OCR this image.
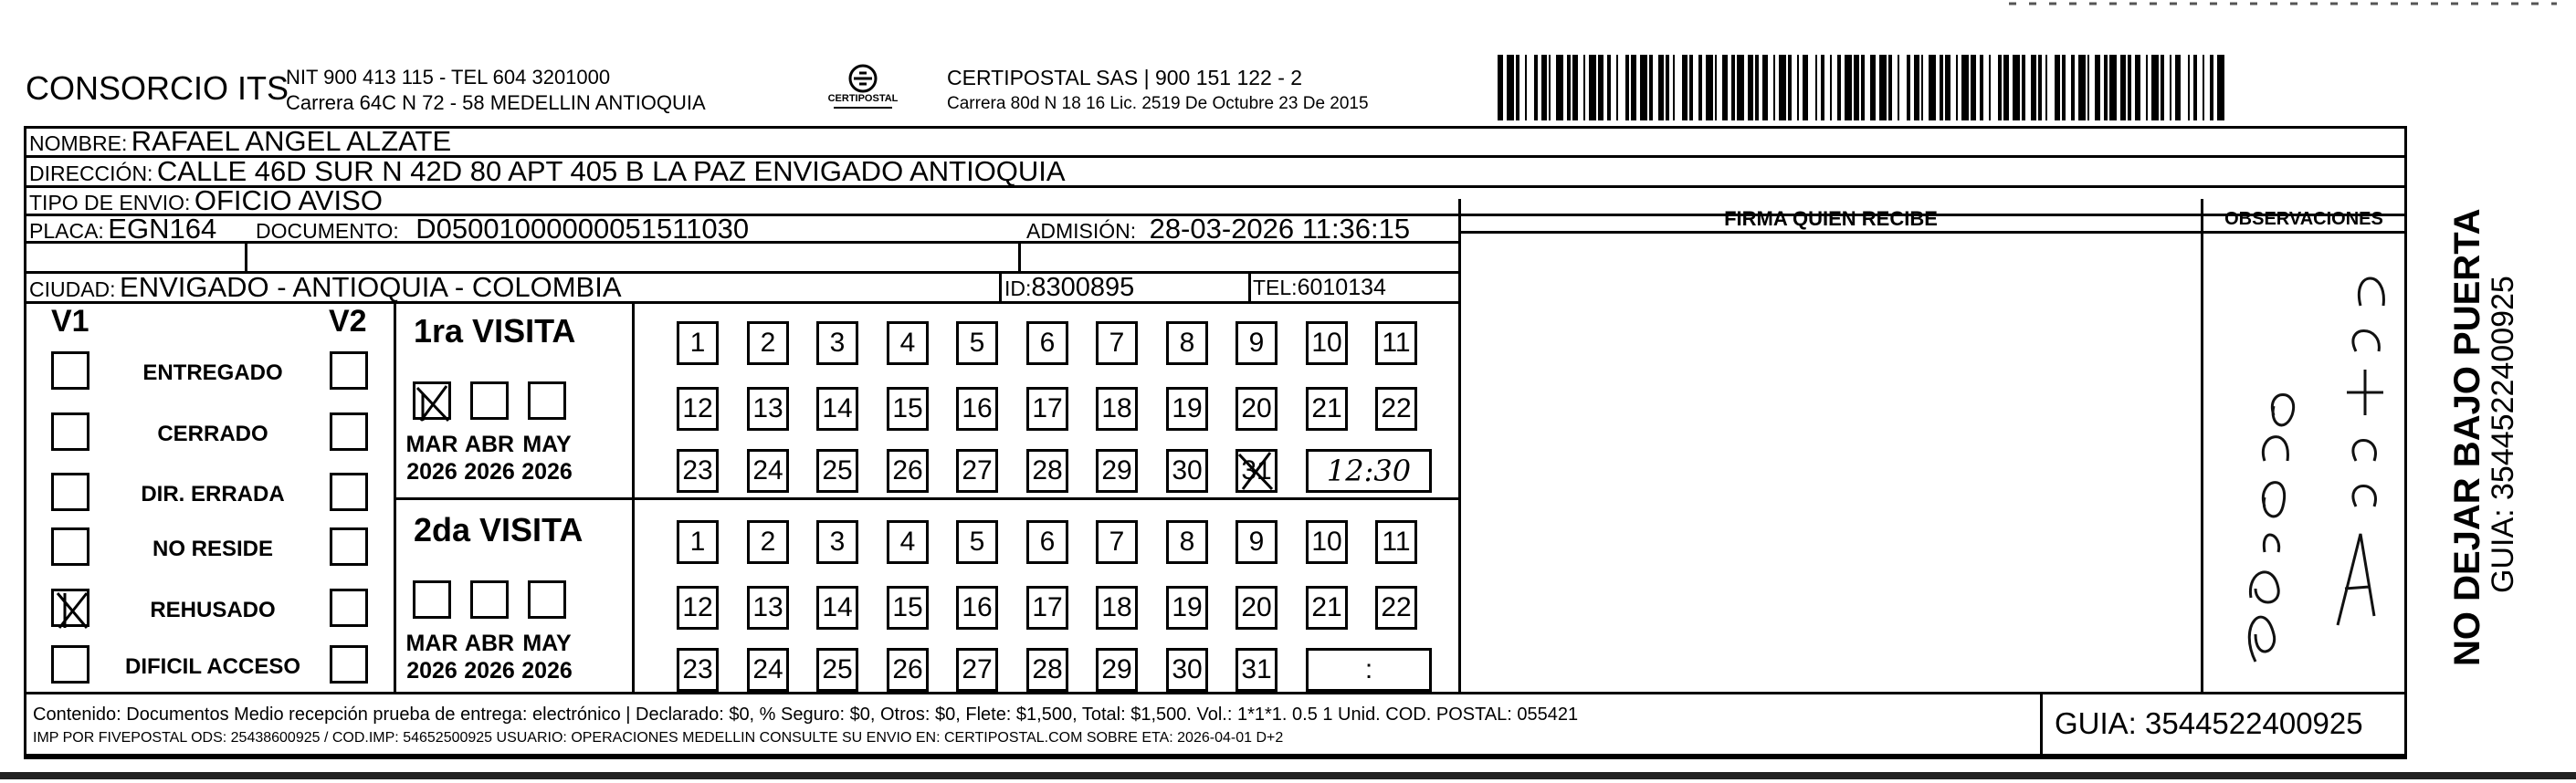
CONSORCIO ITS
NIT 900 413 115 - TEL 604 3201000
Carrera 64C N 72 - 58 MEDELLIN ANTIOQUIA	CERTIPOSTAL
CERTIPOSTAL SAS | 900 151 122 - 2
Carrera 80d N 18 16 Lic. 2519 De Octubre 23 De 2015
NOMBRE: RAFAEL ANGEL ALZATE
DIRECCIÓN: CALLE 46D SUR N 42D 80 APT 405 B LA PAZ ENVIGADO ANTIOQUIA
TIPO DE ENVIO: OFICIO AVISO
PLACA: EGN164 DOCUMENTO: D05001000000051511030	ADMISIÓN: 28-03-2026 11:36:15
CIUDAD: ENVIGADO - ANTIOQUIA - COLOMBIA	ID:8300895	TEL:6010134
FIRMA QUIEN RECIBE	OBSERVACIONES
V1	V2
ENTREGADO
CERRADO
DIR. ERRADA
NO RESIDE
REHUSADO
DIFICIL ACCESO
1ra VISITA
MAR
2026
ABR
2026
MAY
2026
1	2	3	4	5	6	7	8	9	10 11
12 13 14 15 16 17 18 19 20 21 22
23 24 25 26 27 28 29 30 31	12:30
2da VISITA
MAR
2026
ABR
2026
MAY
2026
1	2	3	4	5	6	7	8	9	10 11
12 13 14 15 16 17 18 19 20 21 22
23 24 25 26 27 28 29 30 31	:
Contenido: Documentos Medio recepción prueba de entrega: electrónico | Declarado: $0, % Seguro: $0, Otros: $0, Flete: $1,500, Total: $1,500. Vol.: 1*1*1. 0.5 1 Unid. COD. POSTAL: 055421
IMP POR FIVEPOSTAL ODS: 25438600925 / COD.IMP: 54652500925 USUARIO: OPERACIONES MEDELLIN CONSULTE SU ENVIO EN: CERTIPOSTAL.COM SOBRE ETA: 2026-04-01 D+2	GUIA: 3544522400925
NO DEJAR BAJO PUERTA
GUIA: 3544522400925
